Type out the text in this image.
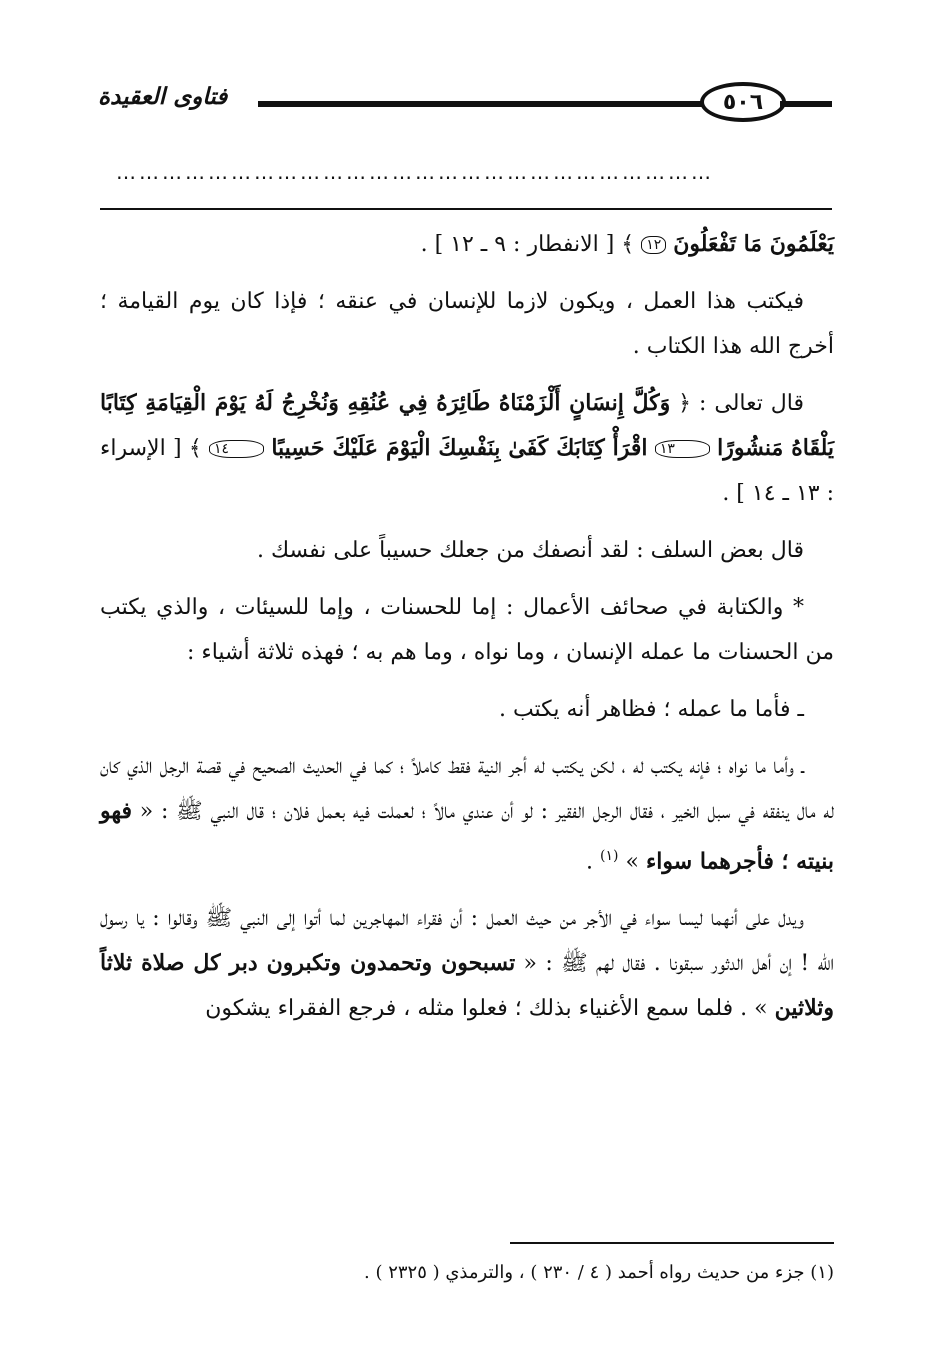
فتاوى العقيدة	٥٠٦
……………………………………………………………………

يَعْلَمُونَ مَا تَفْعَلُونَ ١٢ ﴾ [ الانفطار : ٩ ـ ١٢ ] .

فيكتب هذا العمل ، ويكون لازما للإنسان في عنقه ؛ فإذا كان يوم القيامة ؛ أخرج الله هذا الكتاب .

قال تعالى : ﴿ وَكُلَّ إِنسَانٍ أَلْزَمْنَاهُ طَائِرَهُ فِي عُنُقِهِ وَنُخْرِجُ لَهُ يَوْمَ الْقِيَامَةِ كِتَابًا يَلْقَاهُ مَنشُورًا ١٣ اقْرَأْ كِتَابَكَ كَفَىٰ بِنَفْسِكَ الْيَوْمَ عَلَيْكَ حَسِيبًا ١٤ ﴾ [ الإسراء : ١٣ ـ ١٤ ] .

قال بعض السلف : لقد أنصفك من جعلك حسيباً على نفسك .

* والكتابة في صحائف الأعمال : إما للحسنات ، وإما للسيئات ، والذي يكتب من الحسنات ما عمله الإنسان ، وما نواه ، وما هم به ؛ فهذه ثلاثة أشياء :

ـ فأما ما عمله ؛ فظاهر أنه يكتب .

ـ وأما ما نواه ؛ فإنه يكتب له ، لكن يكتب له أجر النية فقط كاملاً ؛ كما في الحديث الصحيح في قصة الرجل الذي كان له مال ينفقه في سبل الخير ، فقال الرجل الفقير : لو أن عندي مالاً ؛ لعملت فيه بعمل فلان ؛ قال النبي ﷺ : « فهو بنيته ؛ فأجرهما سواء » $^{(١)}$ .

ويدل على أنهما ليسا سواء في الأجر من حيث العمل : أن فقراء المهاجرين لما أتوا إلى النبي ﷺ وقالوا : يا رسول الله ! إن أهل الدثور سبقونا . فقال لهم ﷺ : « تسبحون وتحمدون وتكبرون دبر كل صلاة ثلاثاً وثلاثين » . فلما سمع الأغنياء بذلك ؛ فعلوا مثله ، فرجع الفقراء يشكون

(١) جزء من حديث رواه أحمد ( ٤ / ٢٣٠ ) ، والترمذي ( ٢٣٢٥ ) .
